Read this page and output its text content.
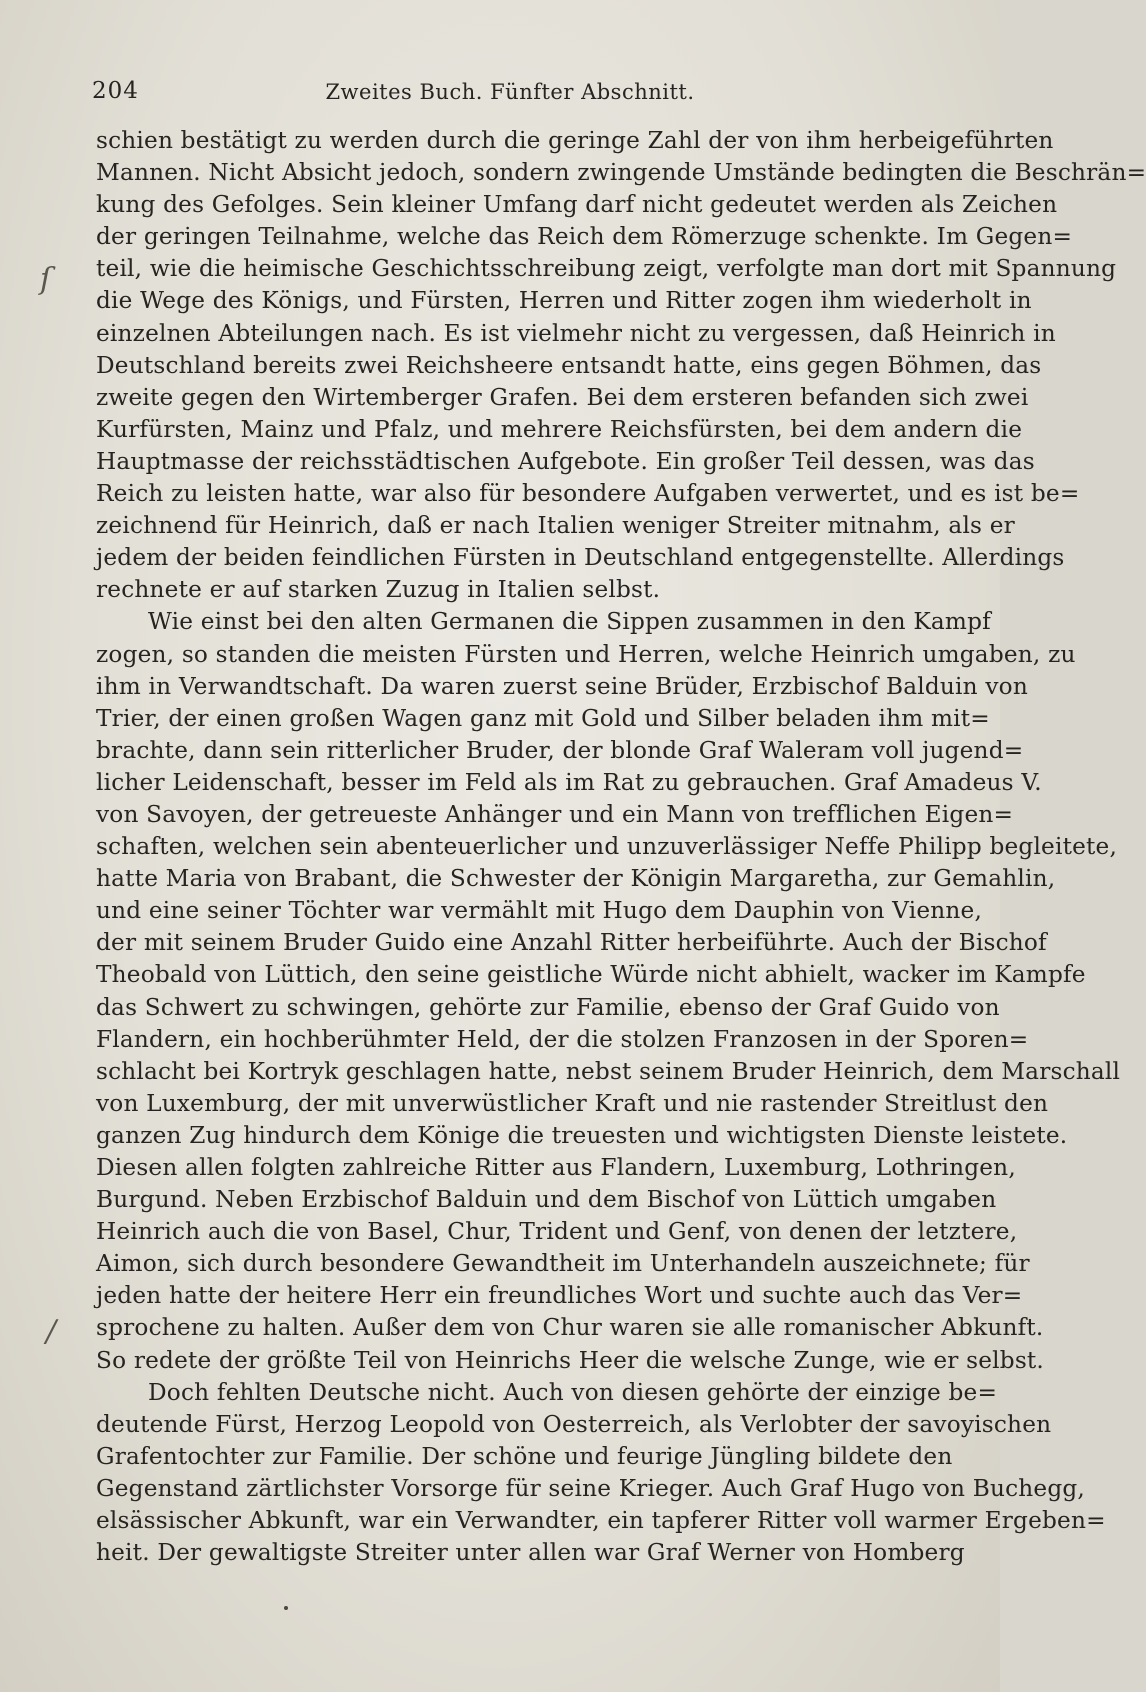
204	Zweites Buch. Fünfter Abschnitt.
schien bestätigt zu werden durch die geringe Zahl der von ihm herbeigeführten
Mannen. Nicht Absicht jedoch, sondern zwingende Umstände bedingten die Beschrän=
kung des Gefolges. Sein kleiner Umfang darf nicht gedeutet werden als Zeichen
der geringen Teilnahme, welche das Reich dem Römerzuge schenkte. Im Gegen=
teil, wie die heimische Geschichtsschreibung zeigt, verfolgte man dort mit Spannung
die Wege des Königs, und Fürsten, Herren und Ritter zogen ihm wiederholt in
einzelnen Abteilungen nach. Es ist vielmehr nicht zu vergessen, daß Heinrich in
Deutschland bereits zwei Reichsheere entsandt hatte, eins gegen Böhmen, das
zweite gegen den Wirtemberger Grafen. Bei dem ersteren befanden sich zwei
Kurfürsten, Mainz und Pfalz, und mehrere Reichsfürsten, bei dem andern die
Hauptmasse der reichsstädtischen Aufgebote. Ein großer Teil dessen, was das
Reich zu leisten hatte, war also für besondere Aufgaben verwertet, und es ist be=
zeichnend für Heinrich, daß er nach Italien weniger Streiter mitnahm, als er
jedem der beiden feindlichen Fürsten in Deutschland entgegenstellte. Allerdings
rechnete er auf starken Zuzug in Italien selbst.
Wie einst bei den alten Germanen die Sippen zusammen in den Kampf
zogen, so standen die meisten Fürsten und Herren, welche Heinrich umgaben, zu
ihm in Verwandtschaft. Da waren zuerst seine Brüder, Erzbischof Balduin von
Trier, der einen großen Wagen ganz mit Gold und Silber beladen ihm mit=
brachte, dann sein ritterlicher Bruder, der blonde Graf Waleram voll jugend=
licher Leidenschaft, besser im Feld als im Rat zu gebrauchen. Graf Amadeus V.
von Savoyen, der getreueste Anhänger und ein Mann von trefflichen Eigen=
schaften, welchen sein abenteuerlicher und unzuverlässiger Neffe Philipp begleitete,
hatte Maria von Brabant, die Schwester der Königin Margaretha, zur Gemahlin,
und eine seiner Töchter war vermählt mit Hugo dem Dauphin von Vienne,
der mit seinem Bruder Guido eine Anzahl Ritter herbeiführte. Auch der Bischof
Theobald von Lüttich, den seine geistliche Würde nicht abhielt, wacker im Kampfe
das Schwert zu schwingen, gehörte zur Familie, ebenso der Graf Guido von
Flandern, ein hochberühmter Held, der die stolzen Franzosen in der Sporen=
schlacht bei Kortryk geschlagen hatte, nebst seinem Bruder Heinrich, dem Marschall
von Luxemburg, der mit unverwüstlicher Kraft und nie rastender Streitlust den
ganzen Zug hindurch dem Könige die treuesten und wichtigsten Dienste leistete.
Diesen allen folgten zahlreiche Ritter aus Flandern, Luxemburg, Lothringen,
Burgund. Neben Erzbischof Balduin und dem Bischof von Lüttich umgaben
Heinrich auch die von Basel, Chur, Trident und Genf, von denen der letztere,
Aimon, sich durch besondere Gewandtheit im Unterhandeln auszeichnete; für
jeden hatte der heitere Herr ein freundliches Wort und suchte auch das Ver=
sprochene zu halten. Außer dem von Chur waren sie alle romanischer Abkunft.
So redete der größte Teil von Heinrichs Heer die welsche Zunge, wie er selbst.
Doch fehlten Deutsche nicht. Auch von diesen gehörte der einzige be=
deutende Fürst, Herzog Leopold von Oesterreich, als Verlobter der savoyischen
Grafentochter zur Familie. Der schöne und feurige Jüngling bildete den
Gegenstand zärtlichster Vorsorge für seine Krieger. Auch Graf Hugo von Buchegg,
elsässischer Abkunft, war ein Verwandter, ein tapferer Ritter voll warmer Ergeben=
heit. Der gewaltigste Streiter unter allen war Graf Werner von Homberg
ſ
/
